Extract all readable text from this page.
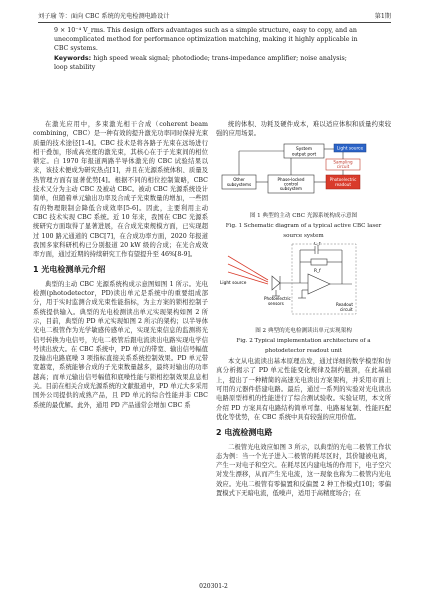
刘子瑜 等：面向 CBC 系统的光电检测电路设计	第1期

9 × 10⁻⁴ V_rms. This design offers advantages such as a simple structure, easy to copy, and an

unecomplicated method for performance optimization matching, making it highly applicable in

CBC systems.

Keywords: high speed weak signal; photodiode; trans-impedance amplifier; noise analysis;

loop stability

在激光应用中，多束激光相干合成（coherent beam combining，CBC）是一种有效的提升激光功率同时保持光束质量的技术途径[1-4]。CBC 技术是将各路子光束在远场进行相干叠加，形成高亮度的激光束，其核心在于子光束间的相位锁定。自 1970 年报道两路半导体激光的 CBC 试验结果以来，该技术便成为研究热点[1]，并且在光源系统体积、质量及热管理方面有显著优势[4]。根据不同的相位控制策略，CBC 技术又分为主动 CBC 及被动 CBC。被动 CBC 光源系统设计简单，但随着单元输出功率及合成子光束数量的增加，一些固有的物理限制会降低合成效率[5-6]。因此，主要利用主动 CBC 技术实现 CBC 系统。近 10 年来，我国在 CBC 光源系统研究方面取得了显著进展，在合成光束规模方面，已实现超过 100 路元通道的 CBC[7]，在合成功率方面，2020 年报道我国多家科研机构已分别报道 20 kW 级的合成；在光合成效率方面，通过近期的持续研究工作有望提升至 46%[8-9]。

1 光电检测单元介绍

典型的主动 CBC 光源系统构成示意图如图 1 所示。光电检测(photodetector，PD)读出单元是系统中的重要组成部分，用于实时监测合成光束性能指标，为主方案的锁相控制子系统提供输入。典型的光电检测读出单元实现架构如图 2 所示，目前，典型的 PD 单元实现如图 2 所示的架构；以半导体光电二极管作为光学敏感传感单元，实现光束信息的监测将光信号转换为电信号，光电二极管后跟电流读出电路实现电学信号读出放大。在 CBC 系统中，PD 单元的带宽、输出信号幅值及输出电路底噪 3 项指标直接关系系统控制效果。PD 单元带宽越宽，系统能够合成的子光束数量越多，最终对输出的功率越高；而单元输出信号幅值和底噪性能与锁相控制效果息息相关。目前在相关合成光源系统的文献报道中，PD 单元大多采用国外公司提供的成熟产品，且 PD 单元的综合性能并非 CBC 系统的最优解。此外，通用 PD 产品通常会增加 CBC 系

统的体积、功耗及硬件成本，难以适应体积和质量约束较强的应用场景。

System
output port
Light source
Sampling
circuit
Other
subsystems
Phase-locked
control
subsystem
Photoelectric
readout
图 1 典型的主动 CBC 光源系统构成示意图
Fig. 1 Schematic diagram of a typical active CBC laser
source system
Light source
Photoelectric
sensors
C_f
R_f
Readout
circuit
图 2 典型的光电检测读出单元实现架构
Fig. 2 Typical implementation architecture of a
photodetector readout unit

本文从电流读出基本原理出发，通过详细的数学模型和仿真分析揭示了 PD 单元性能变化规律及制约瓶颈，在此基础上，提出了一种精简的高速光电读出方案架构，并采用市面上可用的元器件搭建电路。最后，通过一系列的实验对光电读出电路原型样机的性能进行了综合测试验收。实验证明，本文所介绍 PD 方案具有电路结构简单可靠、电路易复制、性能匹配优化等优势，在 CBC 系统中具有较强的应用价值。

2 电流检测电路

二极管光电效应如图 3 所示，以典型的光电二极管工作状态为例：当一个光子进入二极管的耗尽区时，其价键被电离，产生一对电子和空穴。在耗尽区内建电场的作用下，电子空穴对发生漂移，从而产生光电流，这一现象也称为二极管内光电效应。光电二极管有零偏置和反偏置 2 种工作模式[10]；零偏置模式下无暗电流，低噪声，适用于高精度场合；在

020301-2
